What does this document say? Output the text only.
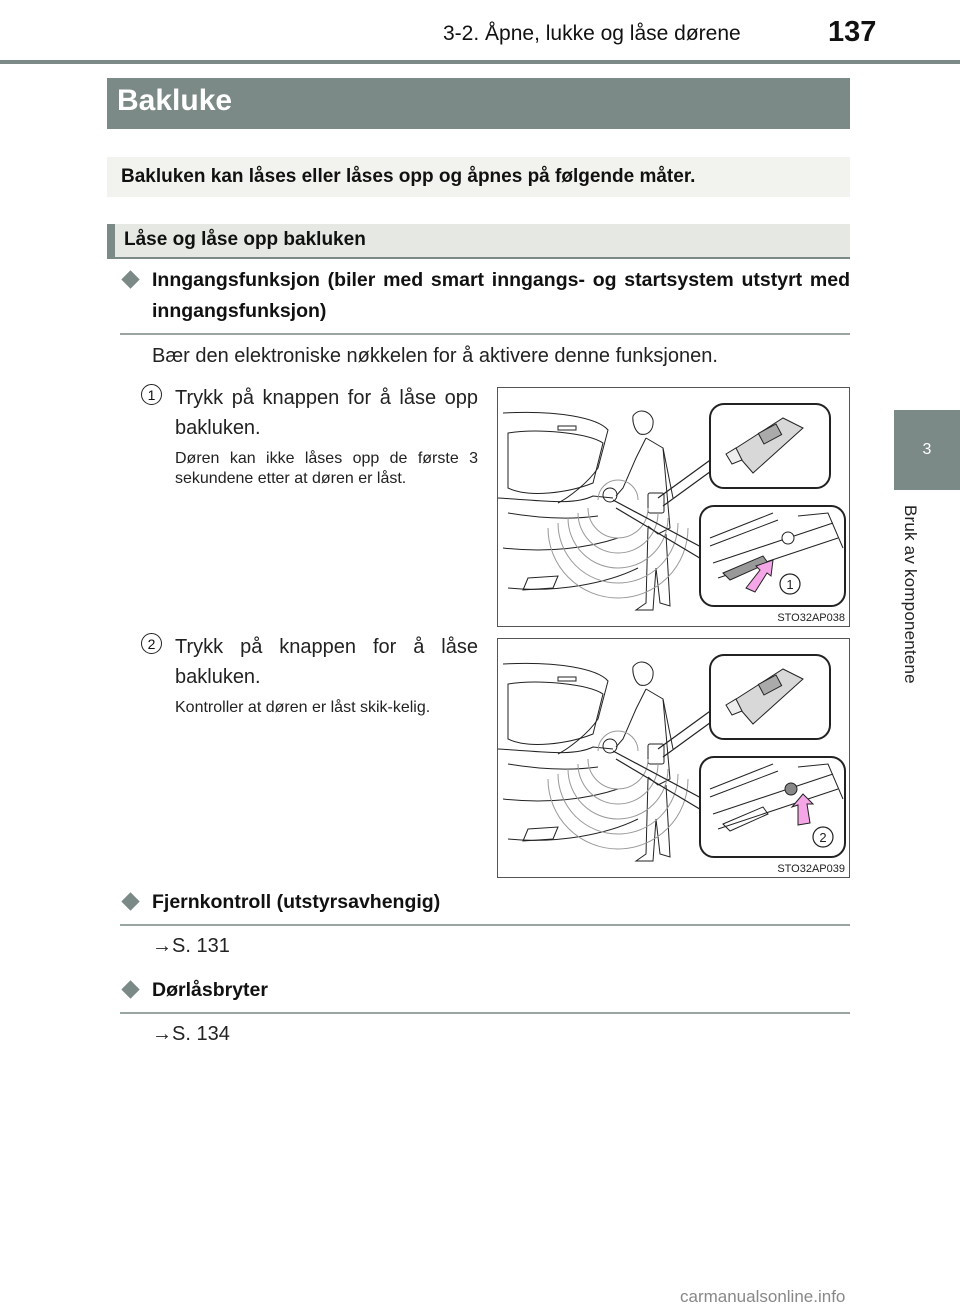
3-2. Åpne, lukke og låse dørene	137
3
Bruk av komponentene
Bakluke
Bakluken kan låses eller låses opp og åpnes på følgende måter.
Låse og låse opp bakluken
Inngangsfunksjon (biler med smart inngangs- og startsystem utstyrt med inngangsfunksjon)
Bær den elektroniske nøkkelen for å aktivere denne funksjonen.
1 Trykk på knappen for å låse opp bakluken.
Døren kan ikke låses opp de første 3 sekundene etter at døren er låst.
1
STO32AP038
2 Trykk på knappen for å låse bakluken.
Kontroller at døren er låst skik-kelig.
2
STO32AP039
Fjernkontroll (utstyrsavhengig)
→S. 131
Dørlåsbryter
→S. 134
carmanualsonline.info
